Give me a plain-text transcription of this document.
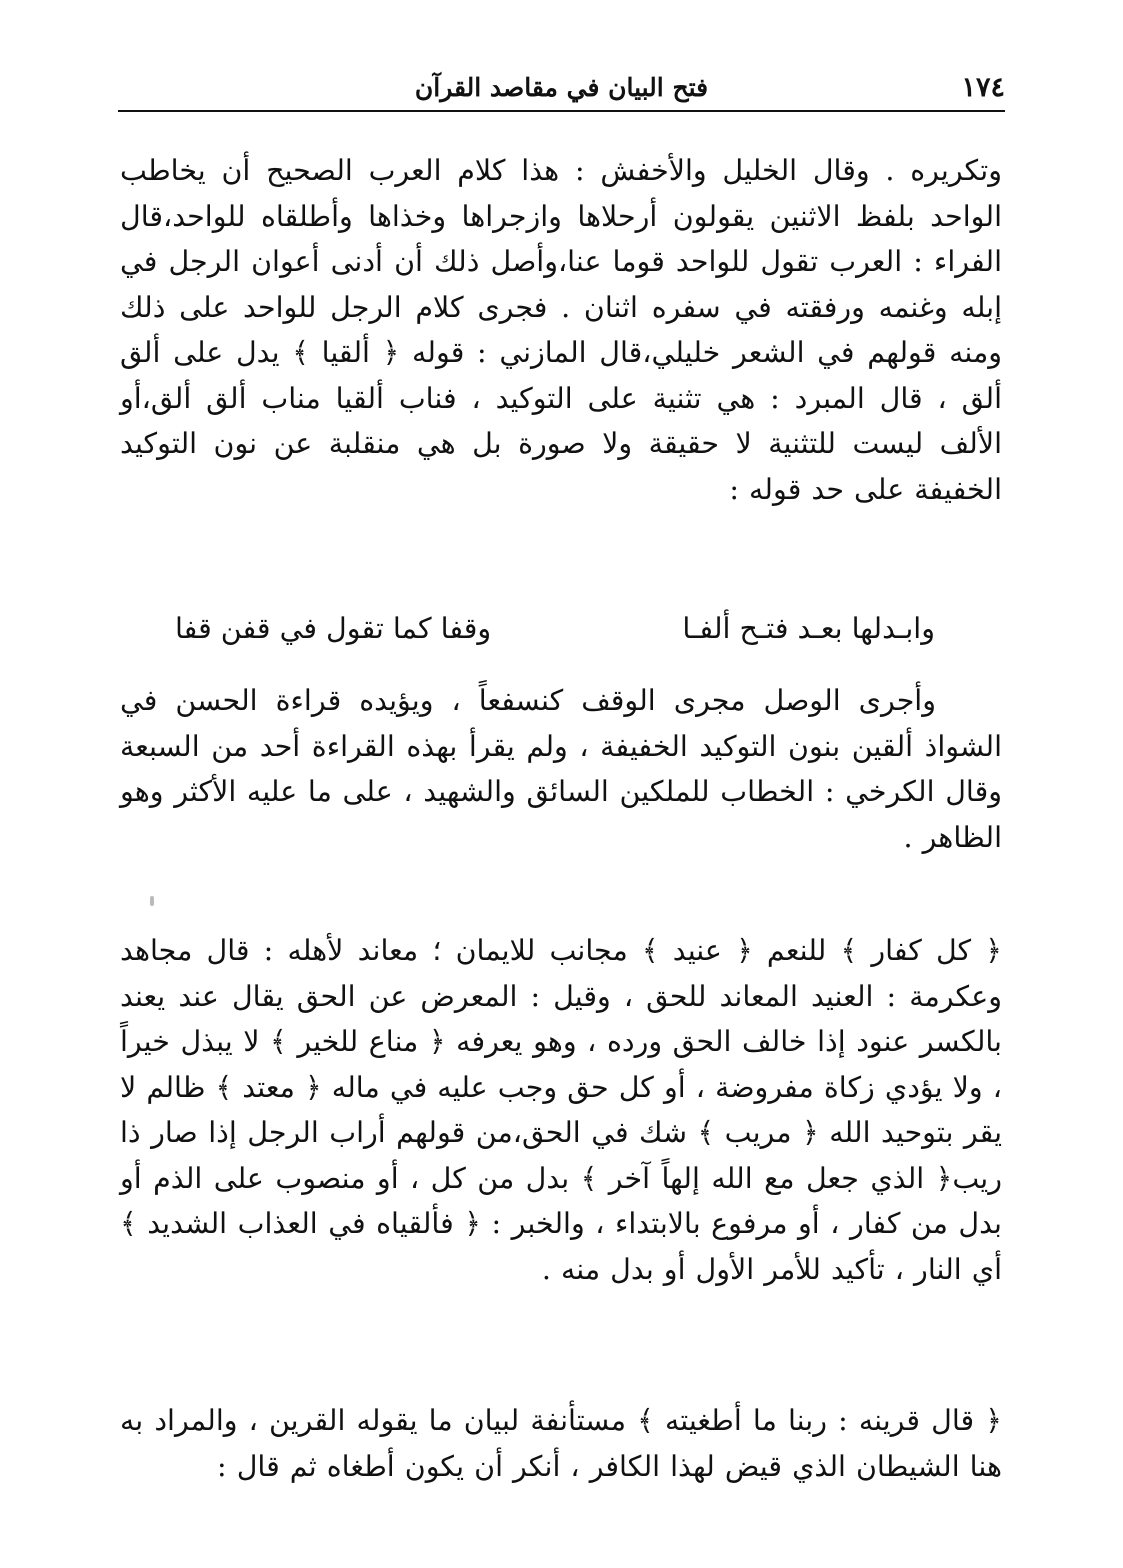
١٧٤
فتح البيان في مقاصد القرآن
وتكريره . وقال الخليل والأخفش : هذا كلام العرب الصحيح أن يخاطب الواحد بلفظ الاثنين يقولون أرحلاها وازجراها وخذاها وأطلقاه للواحد،قال الفراء : العرب تقول للواحد قوما عنا،وأصل ذلك أن أدنى أعوان الرجل في إبله وغنمه ورفقته في سفره اثنان . فجرى كلام الرجل للواحد على ذلك ومنه قولهم في الشعر خليلي،قال المازني : قوله ﴿ ألقيا ﴾ يدل على ألق ألق ، قال المبرد : هي تثنية على التوكيد ، فناب ألقيا مناب ألق ألق،أو الألف ليست للتثنية لا حقيقة ولا صورة بل هي منقلبة عن نون التوكيد الخفيفة على حد قوله :
وابـدلها بعـد فتـح ألفـا
وقفا كما تقول في قفن قفا
وأجرى الوصل مجرى الوقف كنسفعاً ، ويؤيده قراءة الحسن في الشواذ ألقين بنون التوكيد الخفيفة ، ولم يقرأ بهذه القراءة أحد من السبعة وقال الكرخي : الخطاب للملكين السائق والشهيد ، على ما عليه الأكثر وهو الظاهر .
﴿ كل كفار ﴾ للنعم ﴿ عنيد ﴾ مجانب للايمان ؛ معاند لأهله : قال مجاهد وعكرمة : العنيد المعاند للحق ، وقيل : المعرض عن الحق يقال عند يعند بالكسر عنود إذا خالف الحق ورده ، وهو يعرفه ﴿ مناع للخير ﴾ لا يبذل خيراً ، ولا يؤدي زكاة مفروضة ، أو كل حق وجب عليه في ماله ﴿ معتد ﴾ ظالم لا يقر بتوحيد الله ﴿ مريب ﴾ شك في الحق،من قولهم أراب الرجل إذا صار ذا ريب﴿ الذي جعل مع الله إلهاً آخر ﴾ بدل من كل ، أو منصوب على الذم أو بدل من كفار ، أو مرفوع بالابتداء ، والخبر : ﴿ فألقياه في العذاب الشديد ﴾ أي النار ، تأكيد للأمر الأول أو بدل منه .
﴿ قال قرينه : ربنا ما أطغيته ﴾ مستأنفة لبيان ما يقوله القرين ، والمراد به هنا الشيطان الذي قيض لهذا الكافر ، أنكر أن يكون أطغاه ثم قال :
